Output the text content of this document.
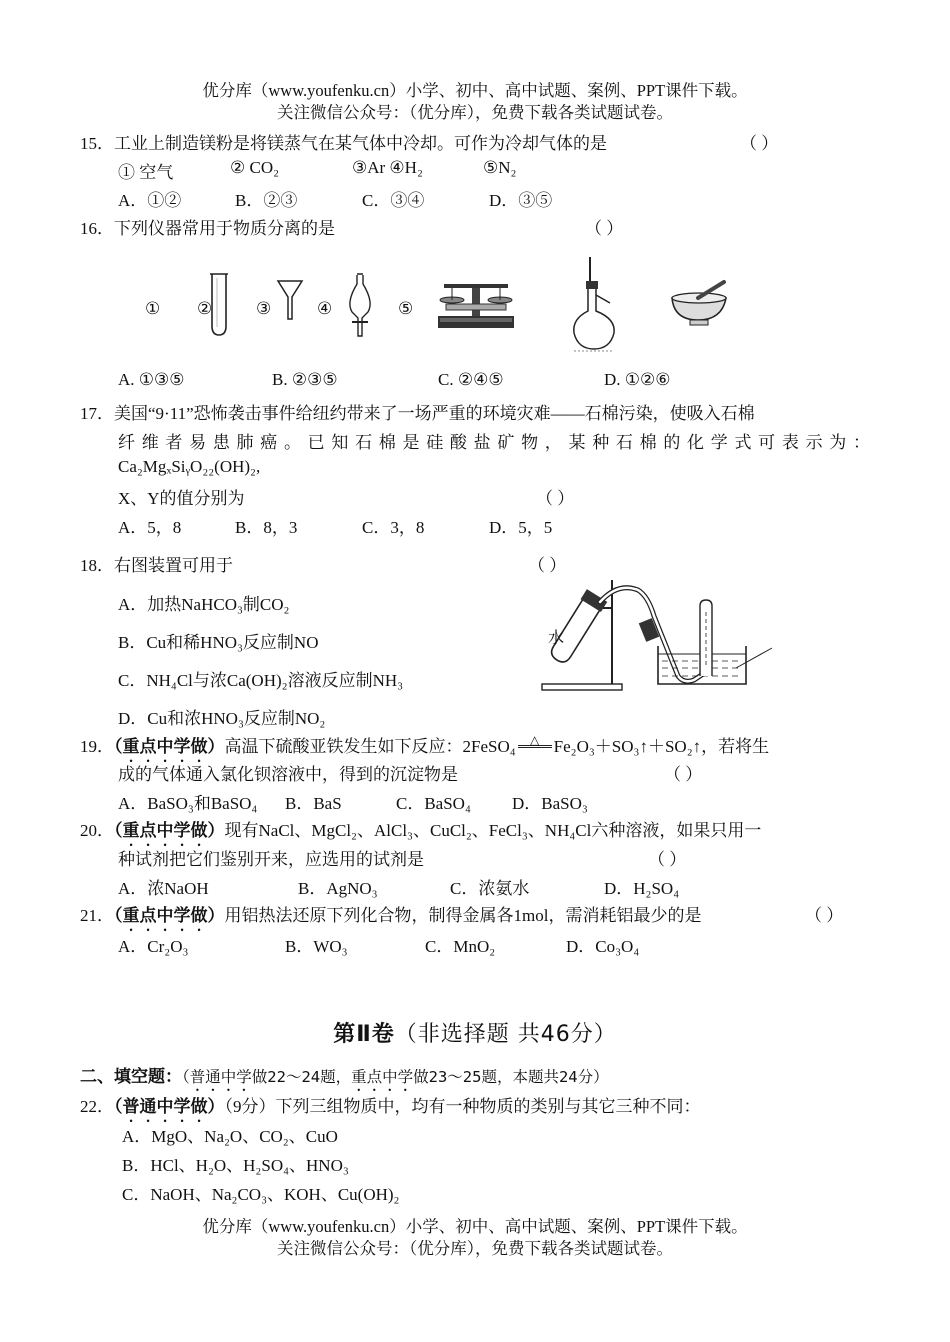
优分库（www.youfenku.cn）小学、初中、高中试题、案例、PPT课件下载。
关注微信公众号：（优分库），免费下载各类试题试卷。
15．工业上制造镁粉是将镁蒸气在某气体中冷却。可作为冷却气体的是	（ ）
① 空气	② CO₂	③Ar ④H₂	⑤N₂
A．①②	B．②③	C．③④	D．③⑤
16．下列仪器常用于物质分离的是	（ ）
① ②	③	④	⑤
A. ①③⑤	B. ②③⑤	C. ②④⑤	D. ①②⑥
17．美国“9·11”恐怖袭击事件给纽约带来了一场严重的环境灾难——石棉污染，使吸入石棉
纤维者易患肺癌。已知石棉是硅酸盐矿物，某种石棉的化学式可表示为：
Ca₂MgₓSiᵧO₂₂(OH)₂,
X、Y的值分别为	（ ）
A．5，8	B．8，3	C．3，8	D．5，5
18．右图装置可用于	（ ）
A．加热NaHCO₃制CO₂
B．Cu和稀HNO₃反应制NO
C．NH₄Cl与浓Ca(OH)₂溶液反应制NH₃
D．Cu和浓HNO₃反应制NO₂
水
19．（重点中学做）高温下硫酸亚铁发生如下反应：2FeSO₄ △ Fe₂O₃＋SO₃↑＋SO₂↑，若将生
成的气体通入氯化钡溶液中，得到的沉淀物是	（ ）
A．BaSO₃和BaSO₄ B．BaS	C．BaSO₄ D．BaSO₃
20．（重点中学做）现有NaCl、MgCl₂、AlCl₃、CuCl₂、FeCl₃、NH₄Cl六种溶液，如果只用一
种试剂把它们鉴别开来，应选用的试剂是	（ ）
A．浓NaOH	B．AgNO₃	C．浓氨水	D．H₂SO₄
21．（重点中学做）用铝热法还原下列化合物，制得金属各1mol，需消耗铝最少的是	（ ）
A．Cr₂O₃	B．WO₃	C．MnO₂	D．Co₃O₄
第Ⅱ卷（非选择题 共46分）
二、填空题：（普通中学做22～24题，重点中学做23～25题，本题共24分）
22．（普通中学做）（9分）下列三组物质中，均有一种物质的类别与其它三种不同：
A．MgO、Na₂O、CO₂、CuO
B．HCl、H₂O、H₂SO₄、HNO₃
C．NaOH、Na₂CO₃、KOH、Cu(OH)₂
优分库（www.youfenku.cn）小学、初中、高中试题、案例、PPT课件下载。
关注微信公众号：（优分库），免费下载各类试题试卷。
